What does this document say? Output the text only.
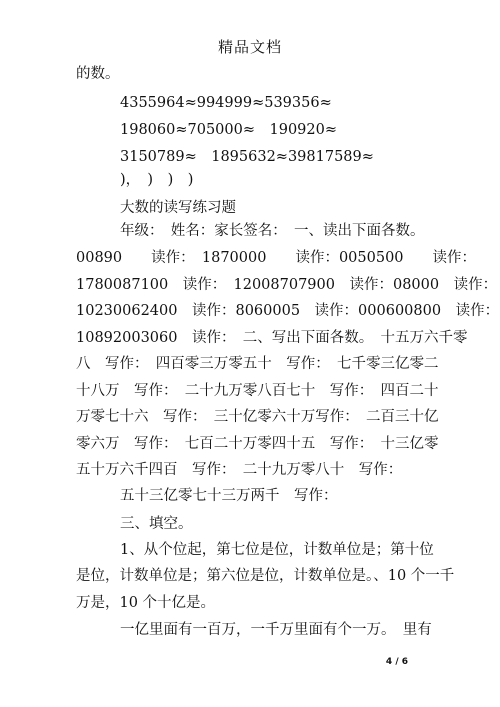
精品文档
的数。
4355964≈994999≈539356≈
198060≈705000≈　190920≈
3150789≈　1895632≈39817589≈
)，　)　)　)
大数的读写练习题
年级：　姓名：家长签名：　一、读出下面各数。
00890　　读作：　1870000　　读作：0050500　　读作：
1780087100　读作：　12008707900　读作：08000　读作：
10230062400　读作：8060005　读作：000600800　读作：
10892003060　读作：　二、写出下面各数。　十五万六千零
八　写作：　四百零三万零五十　写作：　七千零三亿零二
十八万　写作：　二十九万零八百七十　写作：　四百二十
万零七十六　写作：　三十亿零六十万写作：　二百三十亿
零六万　写作：　七百二十万零四十五　写作：　十三亿零
五十万六千四百　写作：　二十九万零八十　写作：
五十三亿零七十三万两千　写作：
三、填空。
1、从个位起，第七位是位，计数单位是；第十位
是位，计数单位是；第六位是位，计数单位是。、10 个一千
万是，10 个十亿是。
一亿里面有一百万，一千万里面有个一万。　里有
4 / 6
